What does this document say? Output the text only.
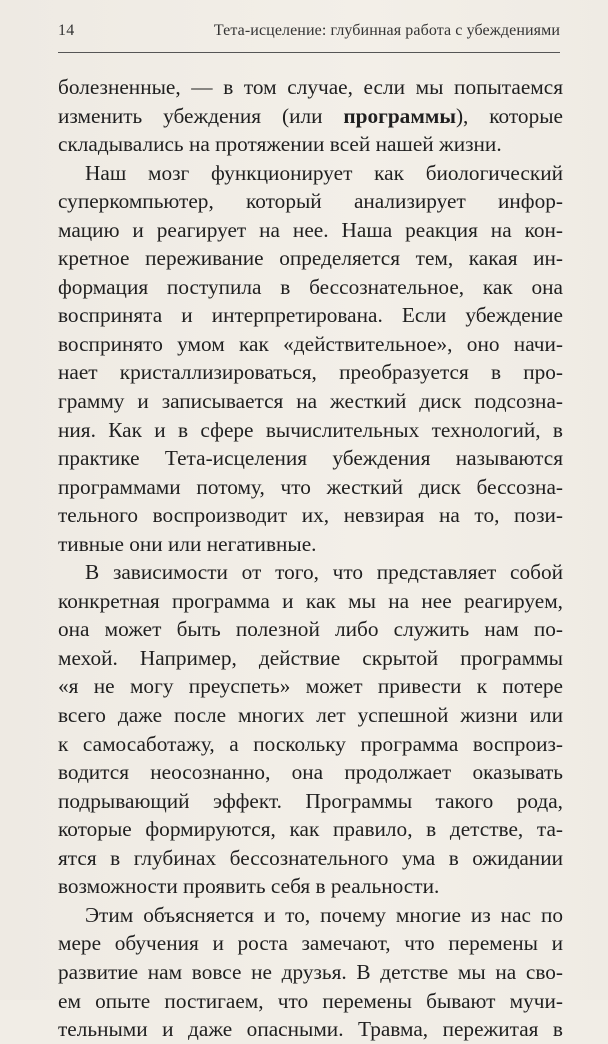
14	Тета-исцеление: глубинная работа с убеждениями
болезненные, — в том случае, если мы попытаемся
изменить убеждения (или программы), которые
складывались на протяжении всей нашей жизни.
Наш мозг функционирует как биологический
суперкомпьютер, который анализирует инфор-
мацию и реагирует на нее. Наша реакция на кон-
кретное переживание определяется тем, какая ин-
формация поступила в бессознательное, как она
воспринята и интерпретирована. Если убеждение
воспринято умом как «действительное», оно начи-
нает кристаллизироваться, преобразуется в про-
грамму и записывается на жесткий диск подсозна-
ния. Как и в сфере вычислительных технологий, в
практике Тета-исцеления убеждения называются
программами потому, что жесткий диск бессозна-
тельного воспроизводит их, невзирая на то, пози-
тивные они или негативные.
В зависимости от того, что представляет собой
конкретная программа и как мы на нее реагируем,
она может быть полезной либо служить нам по-
мехой. Например, действие скрытой программы
«я не могу преуспеть» может привести к потере
всего даже после многих лет успешной жизни или
к самосаботажу, а поскольку программа воспроиз-
водится неосознанно, она продолжает оказывать
подрывающий эффект. Программы такого рода,
которые формируются, как правило, в детстве, та-
ятся в глубинах бессознательного ума в ожидании
возможности проявить себя в реальности.
Этим объясняется и то, почему многие из нас по
мере обучения и роста замечают, что перемены и
развитие нам вовсе не друзья. В детстве мы на сво-
ем опыте постигаем, что перемены бывают мучи-
тельными и даже опасными. Травма, пережитая в
